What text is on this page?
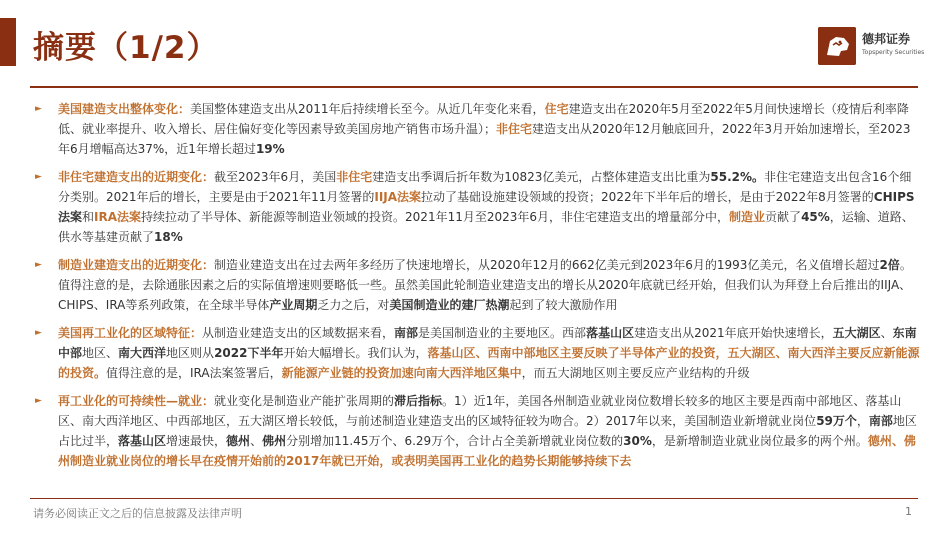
摘要（1/2）	德邦证券
Topsperity Securities
►	美国建造支出整体变化：美国整体建造支出从2011年后持续增长至今。从近几年变化来看，住宅建造支出在2020年5月至2022年5月间快速增长（疫情后利率降低、就业率提升、收入增长、居住偏好变化等因素导致美国房地产销售市场升温）；非住宅建造支出从2020年12月触底回升，2022年3月开始加速增长，至2023年6月增幅高达37%，近1年增长超过19%
►	非住宅建造支出的近期变化：截至2023年6月，美国非住宅建造支出季调后折年数为10823亿美元，占整体建造支出比重为55.2%。非住宅建造支出包含16个细分类别。2021年后的增长，主要是由于2021年11月签署的IIJA法案拉动了基础设施建设领域的投资；2022年下半年后的增长，是由于2022年8月签署的CHIPS法案和IRA法案持续拉动了半导体、新能源等制造业领域的投资。2021年11月至2023年6月，非住宅建造支出的增量部分中，制造业贡献了45%，运输、道路、供水等基建贡献了18%
►	制造业建造支出的近期变化：制造业建造支出在过去两年多经历了快速地增长，从2020年12月的662亿美元到2023年6月的1993亿美元，名义值增长超过2倍。值得注意的是，去除通胀因素之后的实际值增速则要略低一些。虽然美国此轮制造业建造支出的增长从2020年底就已经开始，但我们认为拜登上台后推出的IIJA、CHIPS、IRA等系列政策，在全球半导体产业周期乏力之后，对美国制造业的建厂热潮起到了较大激励作用
►	美国再工业化的区域特征：从制造业建造支出的区域数据来看，南部是美国制造业的主要地区。西部落基山区建造支出从2021年底开始快速增长，五大湖区、东南中部地区、南大西洋地区则从2022下半年开始大幅增长。我们认为，落基山区、西南中部地区主要反映了半导体产业的投资，五大湖区、南大西洋主要反应新能源的投资。值得注意的是，IRA法案签署后，新能源产业链的投资加速向南大西洋地区集中，而五大湖地区则主要反应产业结构的升级
►	再工业化的可持续性—就业：就业变化是制造业产能扩张周期的滞后指标。1）近1年，美国各州制造业就业岗位数增长较多的地区主要是西南中部地区、落基山区、南大西洋地区、中西部地区，五大湖区增长较低，与前述制造业建造支出的区域特征较为吻合。2）2017年以来，美国制造业新增就业岗位59万个，南部地区占比过半，落基山区增速最快，德州、佛州分别增加11.45万个、6.29万个，合计占全美新增就业岗位数的30%，是新增制造业就业岗位最多的两个州。德州、佛州制造业就业岗位的增长早在疫情开始前的2017年就已开始，或表明美国再工业化的趋势长期能够持续下去
请务必阅读正文之后的信息披露及法律声明	1
